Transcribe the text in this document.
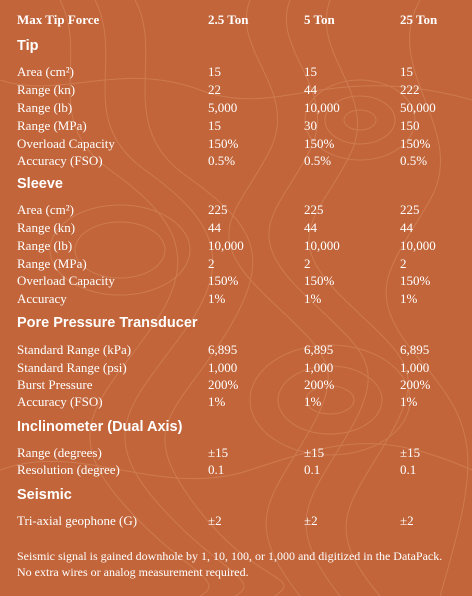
Max Tip Force	2.5 Ton	5 Ton	25 Ton
Tip
Area (cm²)	15	15	15
Range (kn)	22	44	222
Range (lb)	5,000	10,000	50,000
Range (MPa)	15	30	150
Overload Capacity	150%	150%	150%
Accuracy (FSO)	0.5%	0.5%	0.5%
Sleeve
Area (cm²)	225	225	225
Range (kn)	44	44	44
Range (lb)	10,000	10,000	10,000
Range (MPa)	2	2	2
Overload Capacity	150%	150%	150%
Accuracy	1%	1%	1%
Pore Pressure Transducer
Standard Range (kPa)	6,895	6,895	6,895
Standard Range (psi)	1,000	1,000	1,000
Burst Pressure	200%	200%	200%
Accuracy (FSO)	1%	1%	1%
Inclinometer (Dual Axis)
Range (degrees)	±15	±15	±15
Resolution (degree)	0.1	0.1	0.1
Seismic
Tri-axial geophone (G)	±2	±2	±2
Seismic signal is gained downhole by 1, 10, 100, or 1,000 and digitized in the DataPack. No extra wires or analog measurement required.
